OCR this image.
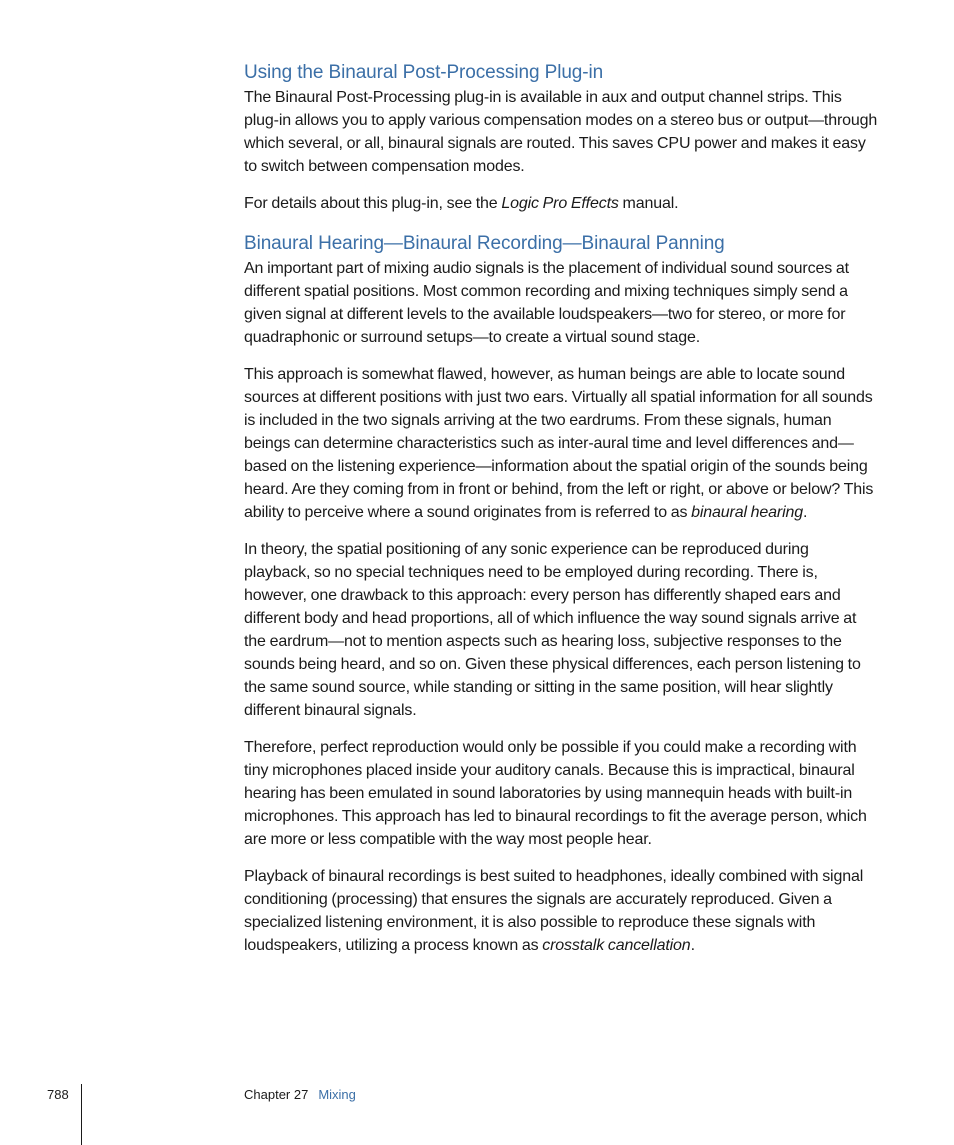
Using the Binaural Post-Processing Plug-in

The Binaural Post-Processing plug-in is available in aux and output channel strips. This plug-in allows you to apply various compensation modes on a stereo bus or output—through which several, or all, binaural signals are routed. This saves CPU power and makes it easy to switch between compensation modes.

For details about this plug-in, see the Logic Pro Effects manual.

Binaural Hearing—Binaural Recording—Binaural Panning

An important part of mixing audio signals is the placement of individual sound sources at different spatial positions. Most common recording and mixing techniques simply send a given signal at different levels to the available loudspeakers—two for stereo, or more for quadraphonic or surround setups—to create a virtual sound stage.

This approach is somewhat flawed, however, as human beings are able to locate sound sources at different positions with just two ears. Virtually all spatial information for all sounds is included in the two signals arriving at the two eardrums. From these signals, human beings can determine characteristics such as inter-aural time and level differences and—based on the listening experience—information about the spatial origin of the sounds being heard. Are they coming from in front or behind, from the left or right, or above or below? This ability to perceive where a sound originates from is referred to as binaural hearing.

In theory, the spatial positioning of any sonic experience can be reproduced during playback, so no special techniques need to be employed during recording. There is, however, one drawback to this approach: every person has differently shaped ears and different body and head proportions, all of which influence the way sound signals arrive at the eardrum—not to mention aspects such as hearing loss, subjective responses to the sounds being heard, and so on. Given these physical differences, each person listening to the same sound source, while standing or sitting in the same position, will hear slightly different binaural signals.

Therefore, perfect reproduction would only be possible if you could make a recording with tiny microphones placed inside your auditory canals. Because this is impractical, binaural hearing has been emulated in sound laboratories by using mannequin heads with built-in microphones. This approach has led to binaural recordings to fit the average person, which are more or less compatible with the way most people hear.

Playback of binaural recordings is best suited to headphones, ideally combined with signal conditioning (processing) that ensures the signals are accurately reproduced. Given a specialized listening environment, it is also possible to reproduce these signals with loudspeakers, utilizing a process known as crosstalk cancellation.

788	Chapter 27 Mixing
